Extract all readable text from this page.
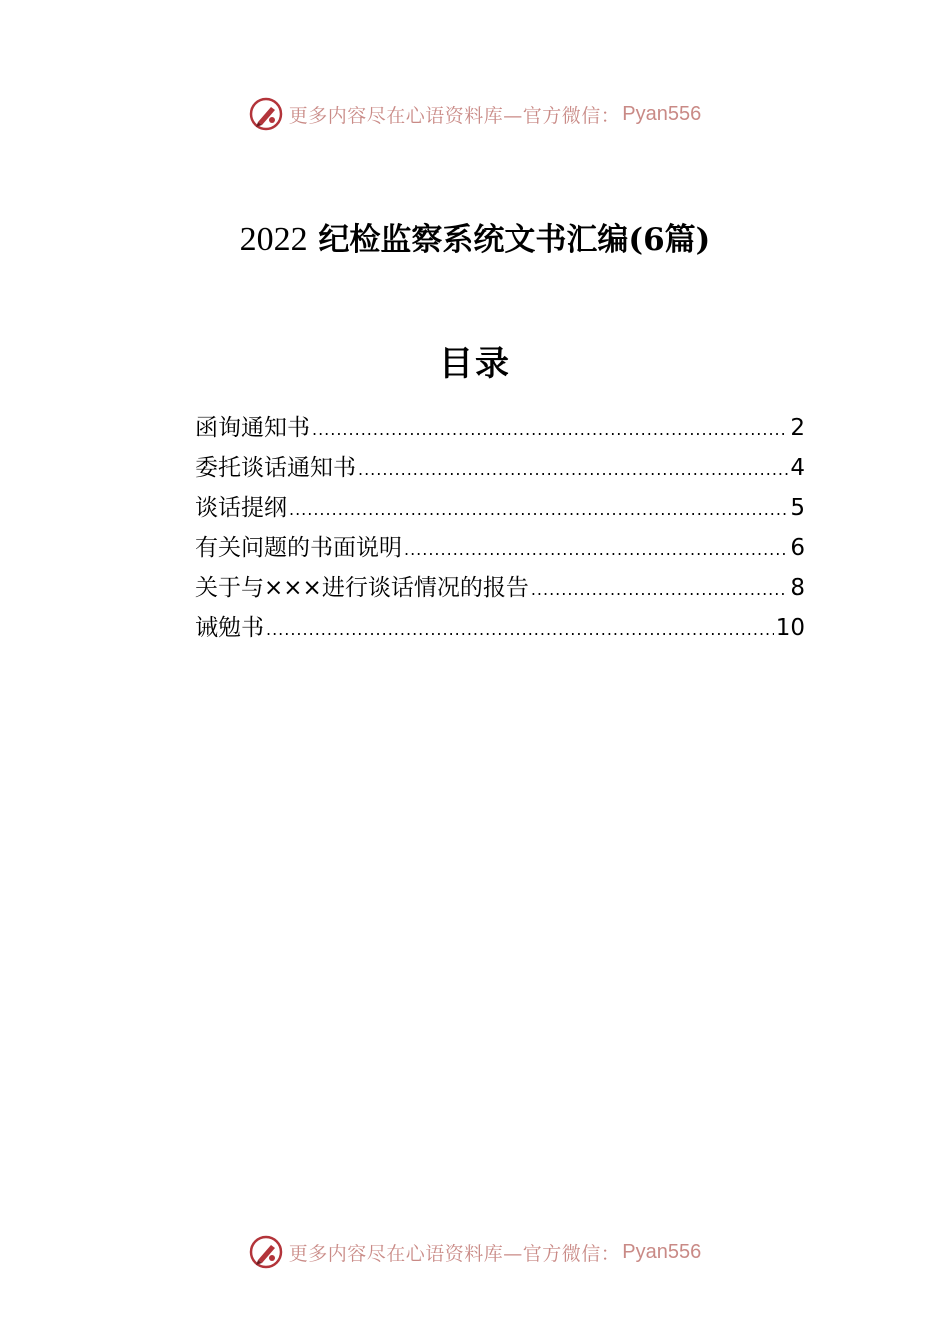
更多内容尽在心语资料库—官方微信： Pyan556
2022 纪检监察系统文书汇编(6篇)
目录
函询通知书 .....	2
委托谈话通知书 .....	4
谈话提纲 .....	5
有关问题的书面说明 .....	6
关于与×××进行谈话情况的报告 .....	8
诫勉书 .....	10
更多内容尽在心语资料库—官方微信： Pyan556
